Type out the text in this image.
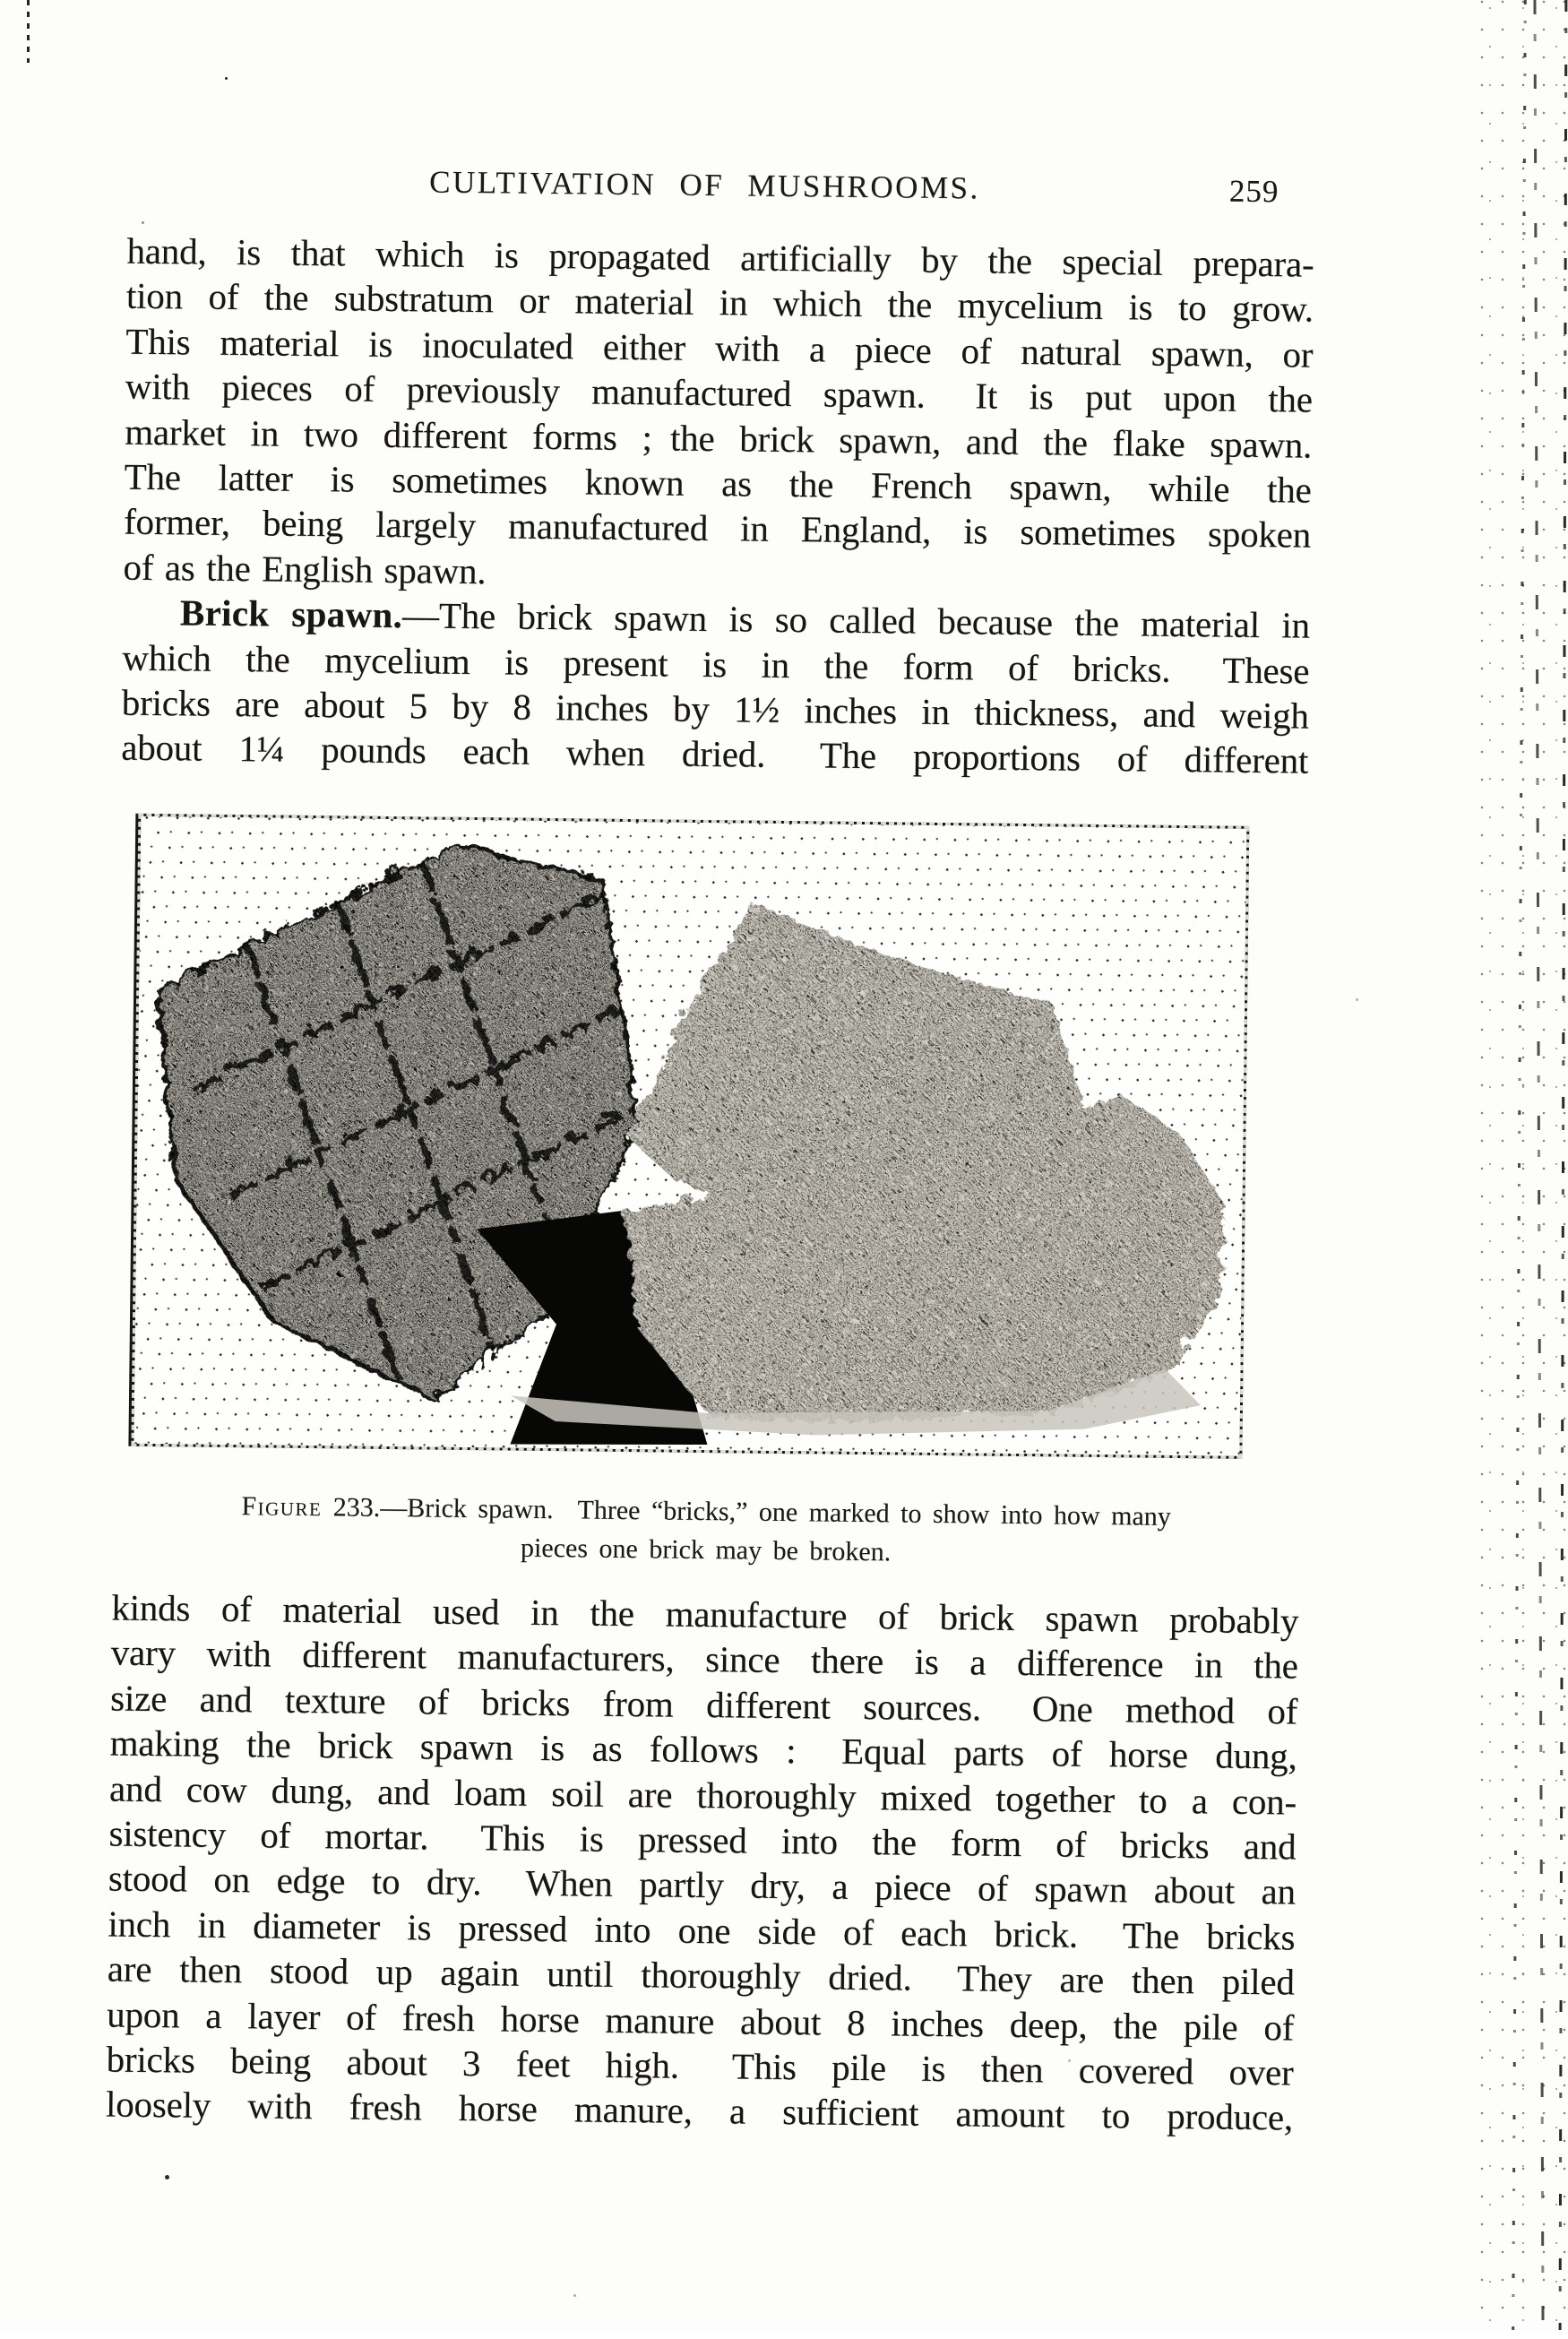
CULTIVATION OF MUSHROOMS.	259
hand, is that which is propagated artificially by the special prepara-
tion of the substratum or material in which the mycelium is to grow.
This material is inoculated either with a piece of natural spawn, or
with pieces of previously manufactured spawn.  It is put upon the
market in two different forms ; the brick spawn, and the flake spawn.
The latter is sometimes known as the French spawn, while the
former, being largely manufactured in England, is sometimes spoken
of as the English spawn.
Brick spawn.—The brick spawn is so called because the material in
which the mycelium is present is in the form of bricks.  These
bricks are about 5 by 8 inches by 1½ inches in thickness, and weigh
about 1¼ pounds each when dried.  The proportions of different
Figure 233.—Brick spawn.  Three “bricks,” one marked to show into how many
pieces one brick may be broken.
kinds of material used in the manufacture of brick spawn probably
vary with different manufacturers, since there is a difference in the
size and texture of bricks from different sources.  One method of
making the brick spawn is as follows :  Equal parts of horse dung,
and cow dung, and loam soil are thoroughly mixed together to a con-
sistency of mortar.  This is pressed into the form of bricks and
stood on edge to dry.  When partly dry, a piece of spawn about an
inch in diameter is pressed into one side of each brick.  The bricks
are then stood up again until thoroughly dried.  They are then piled
upon a layer of fresh horse manure about 8 inches deep, the pile of
bricks being about 3 feet high.  This pile is then covered over
loosely with fresh horse manure, a sufficient amount to produce,
